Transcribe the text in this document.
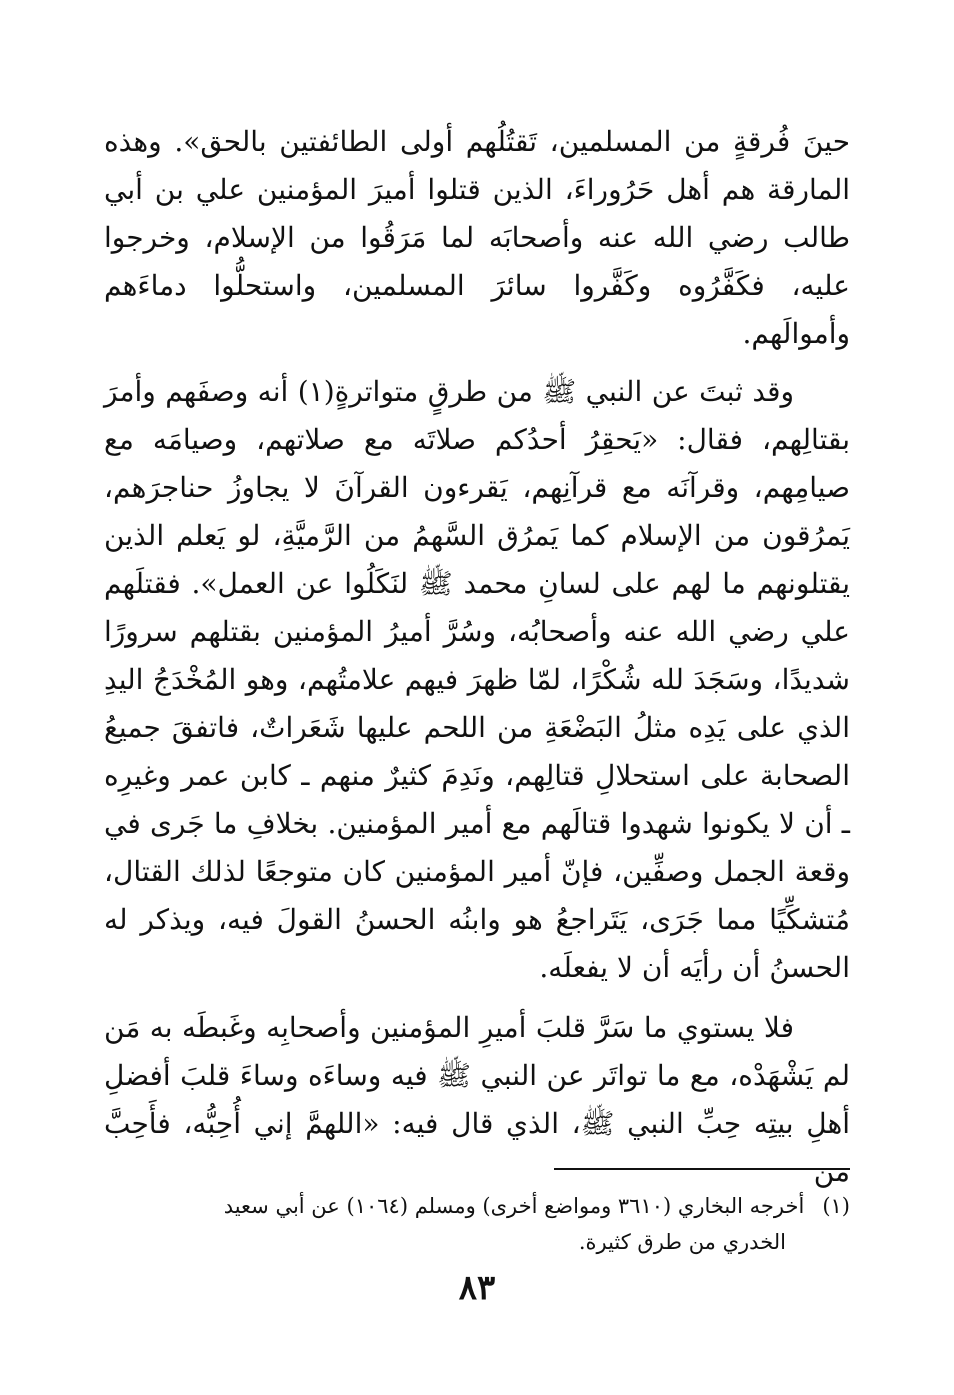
حينَ فُرقةٍ من المسلمين، تَقتُلُهم أولى الطائفتين بالحق». وهذه المارقة هم أهل حَرُوراءَ، الذين قتلوا أميرَ المؤمنين علي بن أبي طالب رضي الله عنه وأصحابَه لما مَرَقُوا من الإسلام، وخرجوا عليه، فكَفَّرُوه وكَفَّروا سائرَ المسلمين، واستحلُّوا دماءَهم وأموالَهم.

وقد ثبتَ عن النبي ﷺ من طرقٍ متواترةٍ(١) أنه وصفَهم وأمرَ بقتالِهم، فقال: «يَحقِرُ أحدُكم صلاتَه مع صلاتهم، وصيامَه مع صيامِهم، وقرآنَه مع قرآنِهم، يَقرءون القرآنَ لا يجاوزُ حناجرَهم، يَمرُقون من الإسلام كما يَمرُق السَّهمُ من الرَّميَّةِ، لو يَعلم الذين يقتلونهم ما لهم على لسانِ محمد ﷺ لنَكَلُوا عن العمل». فقتلَهم علي رضي الله عنه وأصحابُه، وسُرَّ أميرُ المؤمنين بقتلهم سرورًا شديدًا، وسَجَدَ لله شُكْرًا، لمّا ظهرَ فيهم علامتُهم، وهو المُخْدَجُ اليدِ الذي على يَدِه مثلُ البَضْعَةِ من اللحم عليها شَعَراتٌ، فاتفقَ جميعُ الصحابة على استحلالِ قتالِهم، ونَدِمَ كثيرٌ منهم ـ كابن عمر وغيرِه ـ أن لا يكونوا شهدوا قتالَهم مع أمير المؤمنين. بخلافِ ما جَرى في وقعة الجمل وصفِّين، فإنّ أمير المؤمنين كان متوجعًا لذلك القتال، مُتشكِّيًا مما جَرَى، يَتَراجعُ هو وابنُه الحسنُ القولَ فيه، ويذكر له الحسنُ أن رأيَه أن لا يفعلَه.

فلا يستوي ما سَرَّ قلبَ أميرِ المؤمنين وأصحابِه وغَبطَه به مَن لم يَشْهَدْه، مع ما تواتَر عن النبي ﷺ فيه وساءَه وساءَ قلبَ أفضلِ أهلِ بيتِه حِبِّ النبي ﷺ، الذي قال فيه: «اللهمَّ إني أُحِبُّه، فأَحِبَّ من

(١)أخرجه البخاري (٣٦١٠ ومواضع أخرى) ومسلم (١٠٦٤) عن أبي سعيد
الخدري من طرق كثيرة.
٨٣
